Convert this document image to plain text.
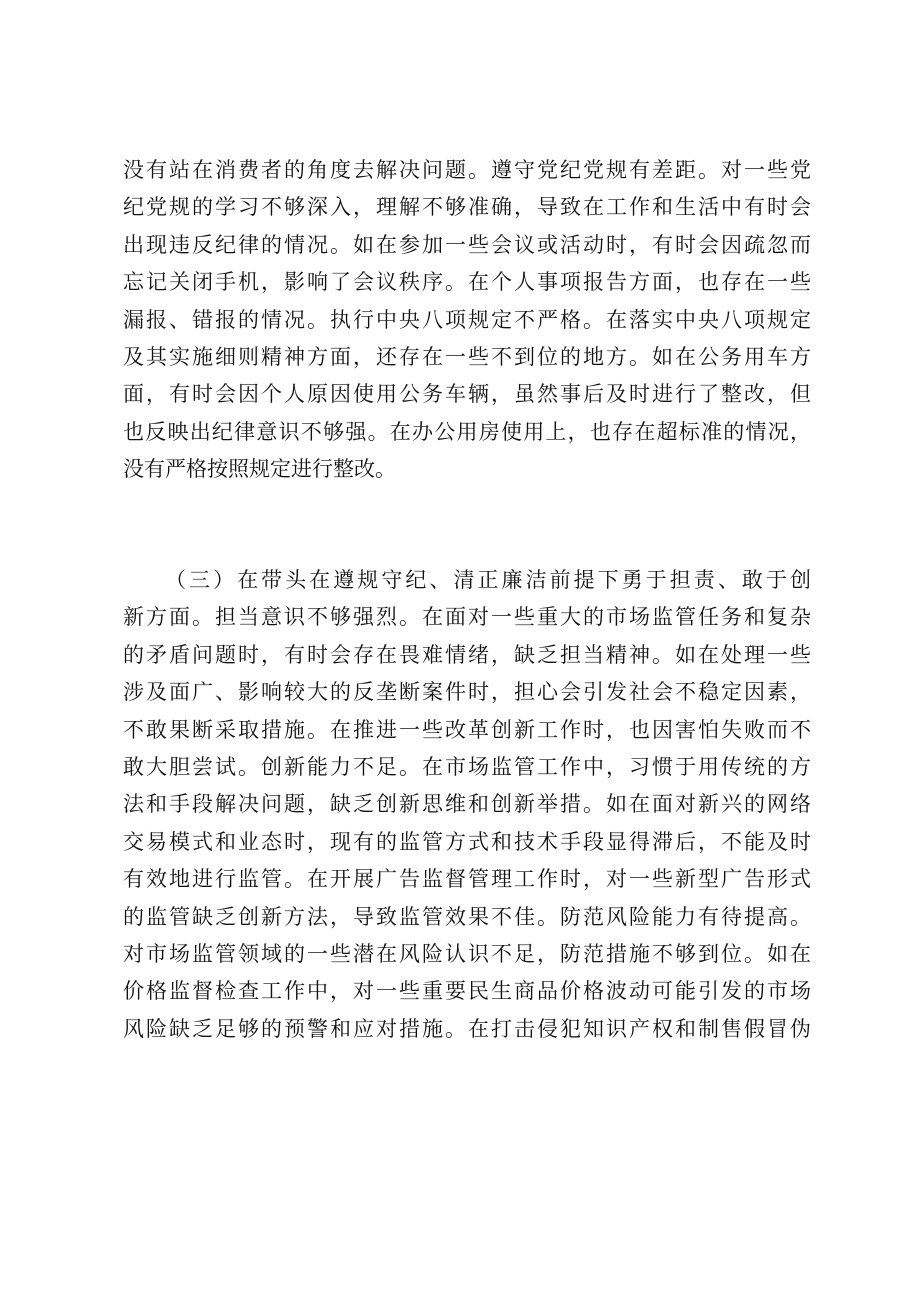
没有站在消费者的角度去解决问题。遵守党纪党规有差距。对一些党
纪党规的学习不够深入，理解不够准确，导致在工作和生活中有时会
出现违反纪律的情况。如在参加一些会议或活动时，有时会因疏忽而
忘记关闭手机，影响了会议秩序。在个人事项报告方面，也存在一些
漏报、错报的情况。执行中央八项规定不严格。在落实中央八项规定
及其实施细则精神方面，还存在一些不到位的地方。如在公务用车方
面，有时会因个人原因使用公务车辆，虽然事后及时进行了整改，但
也反映出纪律意识不够强。在办公用房使用上，也存在超标准的情况，
没有严格按照规定进行整改。
（三）在带头在遵规守纪、清正廉洁前提下勇于担责、敢于创
新方面。担当意识不够强烈。在面对一些重大的市场监管任务和复杂
的矛盾问题时，有时会存在畏难情绪，缺乏担当精神。如在处理一些
涉及面广、影响较大的反垄断案件时，担心会引发社会不稳定因素，
不敢果断采取措施。在推进一些改革创新工作时，也因害怕失败而不
敢大胆尝试。创新能力不足。在市场监管工作中，习惯于用传统的方
法和手段解决问题，缺乏创新思维和创新举措。如在面对新兴的网络
交易模式和业态时，现有的监管方式和技术手段显得滞后，不能及时
有效地进行监管。在开展广告监督管理工作时，对一些新型广告形式
的监管缺乏创新方法，导致监管效果不佳。防范风险能力有待提高。
对市场监管领域的一些潜在风险认识不足，防范措施不够到位。如在
价格监督检查工作中，对一些重要民生商品价格波动可能引发的市场
风险缺乏足够的预警和应对措施。在打击侵犯知识产权和制售假冒伪
